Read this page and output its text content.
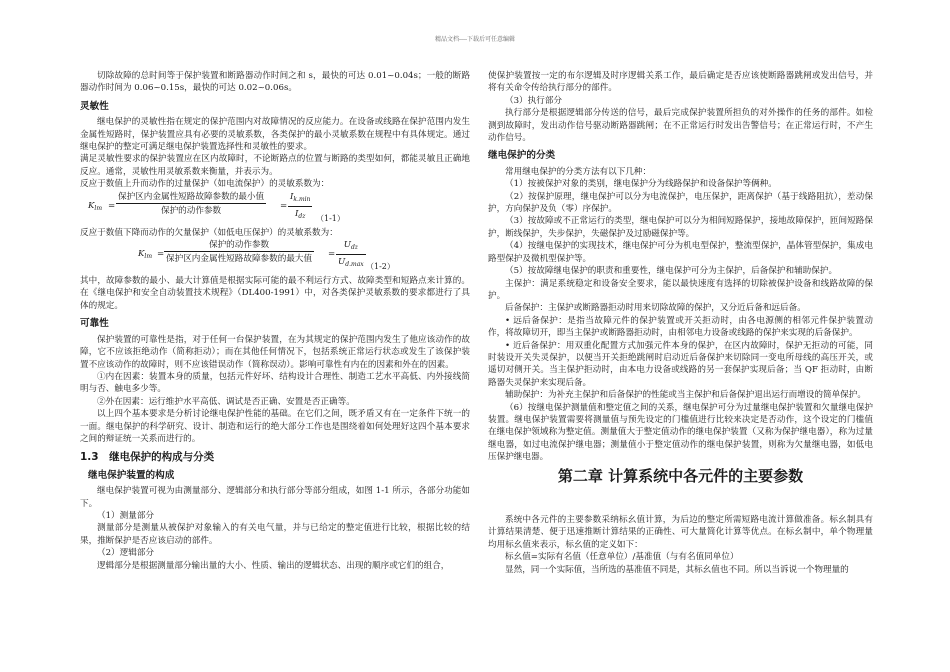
精品文档----下载后可任意编辑

切除故障的总时间等于保护装置和断路器动作时间之和 s，最快的可达 0.01~0.04s；一般的断路器动作时间为 0.06~0.15s，最快的可达 0.02~0.06s。

灵敏性

继电保护的灵敏性指在规定的保护范围内对故障情况的反应能力。在设备或线路在保护范围内发生金属性短路时，保护装置应具有必要的灵敏系数，各类保护的最小灵敏系数在规程中有具体规定。通过继电保护的整定可满足继电保护装置选择性和灵敏性的要求。

满足灵敏性要求的保护装置应在区内故障时，不论断路点的位置与断路的类型如何，都能灵敏且正确地反应。通常，灵敏性用灵敏系数来衡量，并表示为。

反应于数值上升而动作的过量保护（如电流保护）的灵敏系数为：

$K_{lm}$ =
保护区内金属性短路故障参数的最小值
保护的动作参数
=
$I_{k.min}$
$I_{dz}$	（1-1）

反应于数值下降而动作的欠量保护（如低电压保护）的灵敏系数为：

$K_{lm}$ =
保护的动作参数
保护区内金属性短路故障参数的最大值
=
$U_{dz}$
$U_{d.max}$ （1-2）

其中，故障参数的最小、最大计算值是根据实际可能的最不利运行方式、故障类型和短路点来计算的。在《继电保护和安全自动装置技术规程》（DL400-1991）中，对各类保护灵敏系数的要求都进行了具体的规定。

可靠性

保护装置的可靠性是指，对于任何一台保护装置，在为其规定的保护范围内发生了他应该动作的故障，它不应该拒绝动作（简称拒动）；而在其他任何情况下，包括系统正常运行状态或发生了该保护装置不应该动作的故障时，则不应该错误动作（简称误动）。影响可靠性有内在的因素和外在的因素。

①内在因素：装置本身的质量，包括元件好坏、结构设计合理性、制造工艺水平高低、内外接线简明与否、触电多少等。

②外在因素：运行维护水平高低、调试是否正确、安置是否正确等。

以上四个基本要求是分析讨论继电保护性能的基础。在它们之间，既矛盾又有在一定条件下统一的一面。继电保护的科学研究、设计、制造和运行的绝大部分工作也是围绕着如何处理好这四个基本要求之间的辩证统一关系而进行的。

1.3　继电保护的构成与分类
继电保护装置的构成

继电保护装置可视为由测量部分、逻辑部分和执行部分等部分组成，如图 1-1 所示，各部分功能如下。

（1）测量部分

测量部分是测量从被保护对象输入的有关电气量，并与已给定的整定值进行比较，根据比较的结果，推断保护是否应该启动的部件。

（2）逻辑部分

逻辑部分是根据测量部分输出量的大小、性质、输出的逻辑状态、出现的顺序或它们的组合，

使保护装置按一定的布尔逻辑及时序逻辑关系工作，最后确定是否应该使断路器跳闸或发出信号，并将有关命令传给执行部分的部件。

（3）执行部分

执行部分是根据逻辑部分传送的信号，最后完成保护装置所担负的对外操作的任务的部件。如检测到故障时，发出动作信号驱动断路器跳闸；在不正常运行时发出告警信号；在正常运行时，不产生动作信号。

继电保护的分类

常用继电保护的分类方法有以下几种：

（1）按被保护对象的类别，继电保护分为线路保护和设备保护等俩种。

（2）按保护原理，继电保护可以分为电流保护，电压保护，距离保护（基于线路阻抗），差动保护，方向保护及负（零）序保护。

（3）按故障或不正常运行的类型，继电保护可以分为相间短路保护，接地故障保护，匝间短路保护，断线保护，失步保护，失磁保护及过励磁保护等。

（4）按继电保护的实现技术，继电保护可分为机电型保护，整流型保护，晶体管型保护，集成电路型保护及微机型保护等。

（5）按故障继电保护的职责和重要性，继电保护可分为主保护，后备保护和辅助保护。

主保护：满足系统稳定和设备安全要求，能以最快速度有选择的切除被保护设备和线路故障的保护。

后备保护：主保护或断路器拒动时用来切除故障的保护，又分近后备和远后备。

• 远后备保护：是指当故障元件的保护装置或开关拒动时，由各电源侧的相邻元件保护装置动作，将故障切开，即当主保护或断路器拒动时，由相邻电力设备或线路的保护来实现的后备保护。

• 近后备保护：用双重化配置方式加强元件本身的保护，在区内故障时，保护无拒动的可能，同时装设开关失灵保护，以便当开关拒绝跳闸时启动近后备保护来切除同一变电所母线的高压开关，或遥切对侧开关。当主保护拒动时，由本电力设备或线路的另一套保护实现后备；当 QF 拒动时，由断路器失灵保护来实现后备。

辅助保护：为补充主保护和后备保护的性能或当主保护和后备保护退出运行而增设的简单保护。

（6）按继电保护测量值和整定值之间的关系，继电保护可分为过量继电保护装置和欠量继电保护装置。继电保护装置需要将测量值与预先设定的门槛值进行比较来决定是否动作，这个设定的门槛值在继电保护领域称为整定值。测量值大于整定值动作的继电保护装置（又称为保护继电器），称为过量继电器，如过电流保护继电器；测量值小于整定值动作的继电保护装置，则称为欠量继电器，如低电压保护继电器。

第二章 计算系统中各元件的主要参数

系统中各元件的主要参数采纳标幺值计算，为后边的整定所需短路电流计算做准备。标幺制具有计算结果清楚、便于迅速推断计算结果的正确性、可大量简化计算等优点。在标幺制中，单个物理量均用标幺值来表示，标幺值的定义如下：

标幺值=实际有名值（任意单位）/基准值（与有名值同单位）

显然，同一个实际值，当所选的基准值不同是，其标幺值也不同。所以当诉说一个物理量的
